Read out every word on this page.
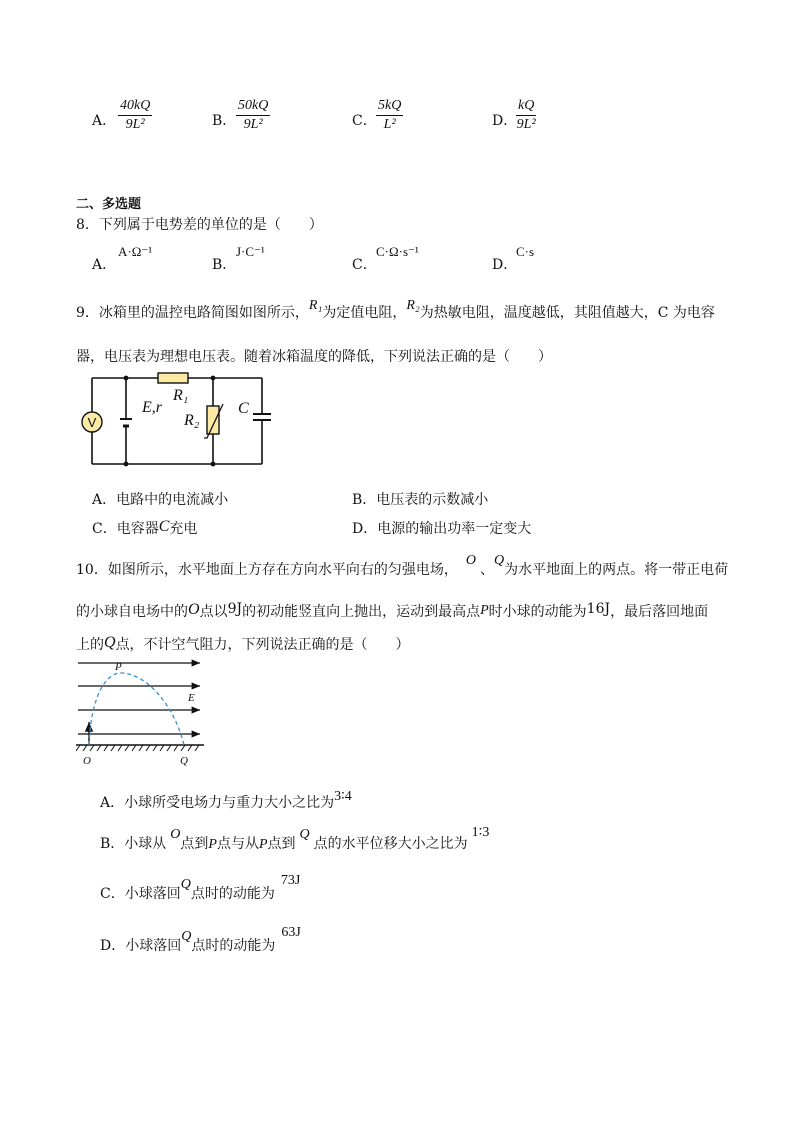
A． $\frac{40kQ}{\text{9L²}}$	B． $\frac{50kQ}{\text{9L²}}$	C． $\frac{5kQ}{\text{L²}}$	D．
$\frac{kQ}{\text{9L²}}$
二、多选题
8．下列属于电势差的单位的是（　　）
A．
A·Ω⁻¹
B．
J·C⁻¹
C．
C·Ω·s⁻¹
D．
C·s
9．冰箱里的温控电路简图如图所示，R₁为定值电阻，R₂为热敏电阻，温度越低，其阻值越大，C 为电容
器，电压表为理想电压表。随着冰箱温度的降低，下列说法正确的是（　　）
V
E,r
R₁
R₂
C
A．电路中的电流减小	B．电压表的示数减小
C．电容器C充电	D．电源的输出功率一定变大
10．如图所示，水平地面上方存在方向水平向右的匀强电场，O、Q为水平地面上的两点。将一带正电荷
的小球自电场中的O点以9J的初动能竖直向上抛出，运动到最高点P时小球的动能为16J，最后落回地面
上的Q点，不计空气阻力，下列说法正确的是（　　）
P
E
O	Q
A．小球所受电场力与重力大小之比为3∶4
B．小球从O点到P点与从P点到Q点的水平位移大小之比为1∶3
C．小球落回Q点时的动能为73J
D．小球落回Q点时的动能为63J
